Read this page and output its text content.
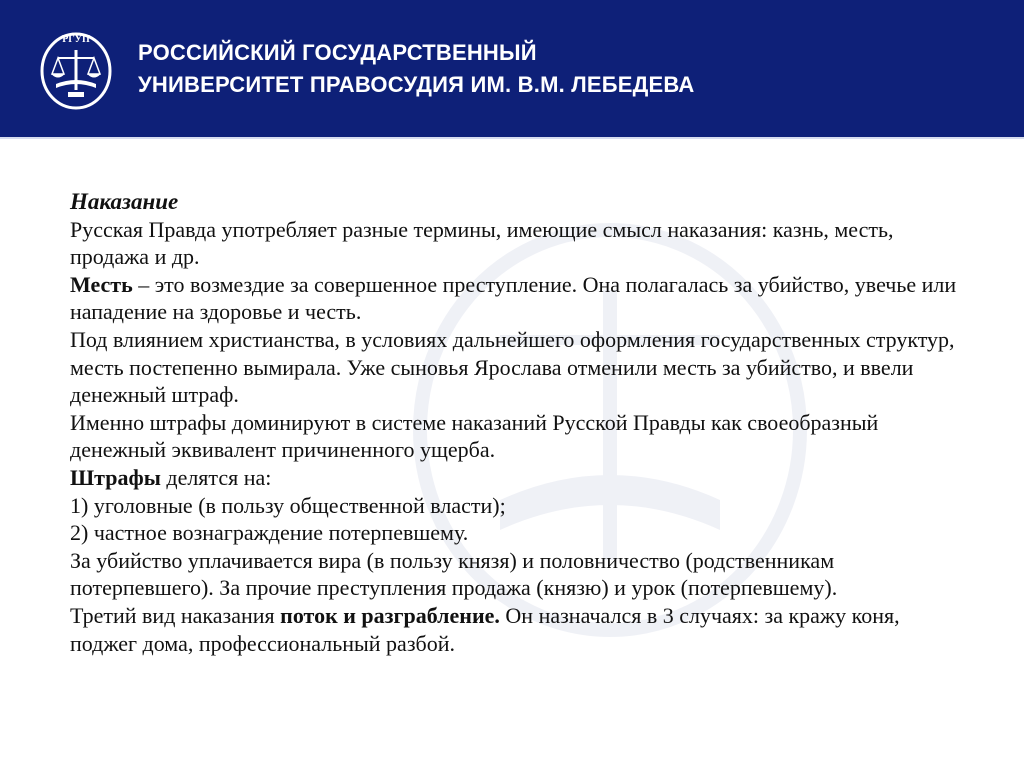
РГУП
РОССИЙСКИЙ ГОСУДАРСТВЕННЫЙ
УНИВЕРСИТЕТ ПРАВОСУДИЯ ИМ. В.М. ЛЕБЕДЕВА

Наказание

Русская Правда употребляет разные термины, имеющие смысл наказания: казнь, месть, продажа и др.

Месть – это возмездие за совершенное преступление. Она полагалась за убийство, увечье или нападение на здоровье и честь.

Под влиянием христианства, в условиях дальнейшего оформления государственных структур, месть постепенно вымирала. Уже сыновья Ярослава отменили месть за убийство, и ввели денежный штраф.

Именно штрафы доминируют в системе наказаний Русской Правды как своеобразный денежный эквивалент причиненного ущерба.

Штрафы делятся на:

1) уголовные (в пользу общественной власти);

2) частное вознаграждение потерпевшему.

За убийство уплачивается вира (в пользу князя) и половничество (родственникам потерпевшего). За прочие преступления продажа (князю) и урок (потерпевшему).

Третий вид наказания поток и разграбление. Он назначался в 3 случаях: за кражу коня, поджег дома, профессиональный разбой.
